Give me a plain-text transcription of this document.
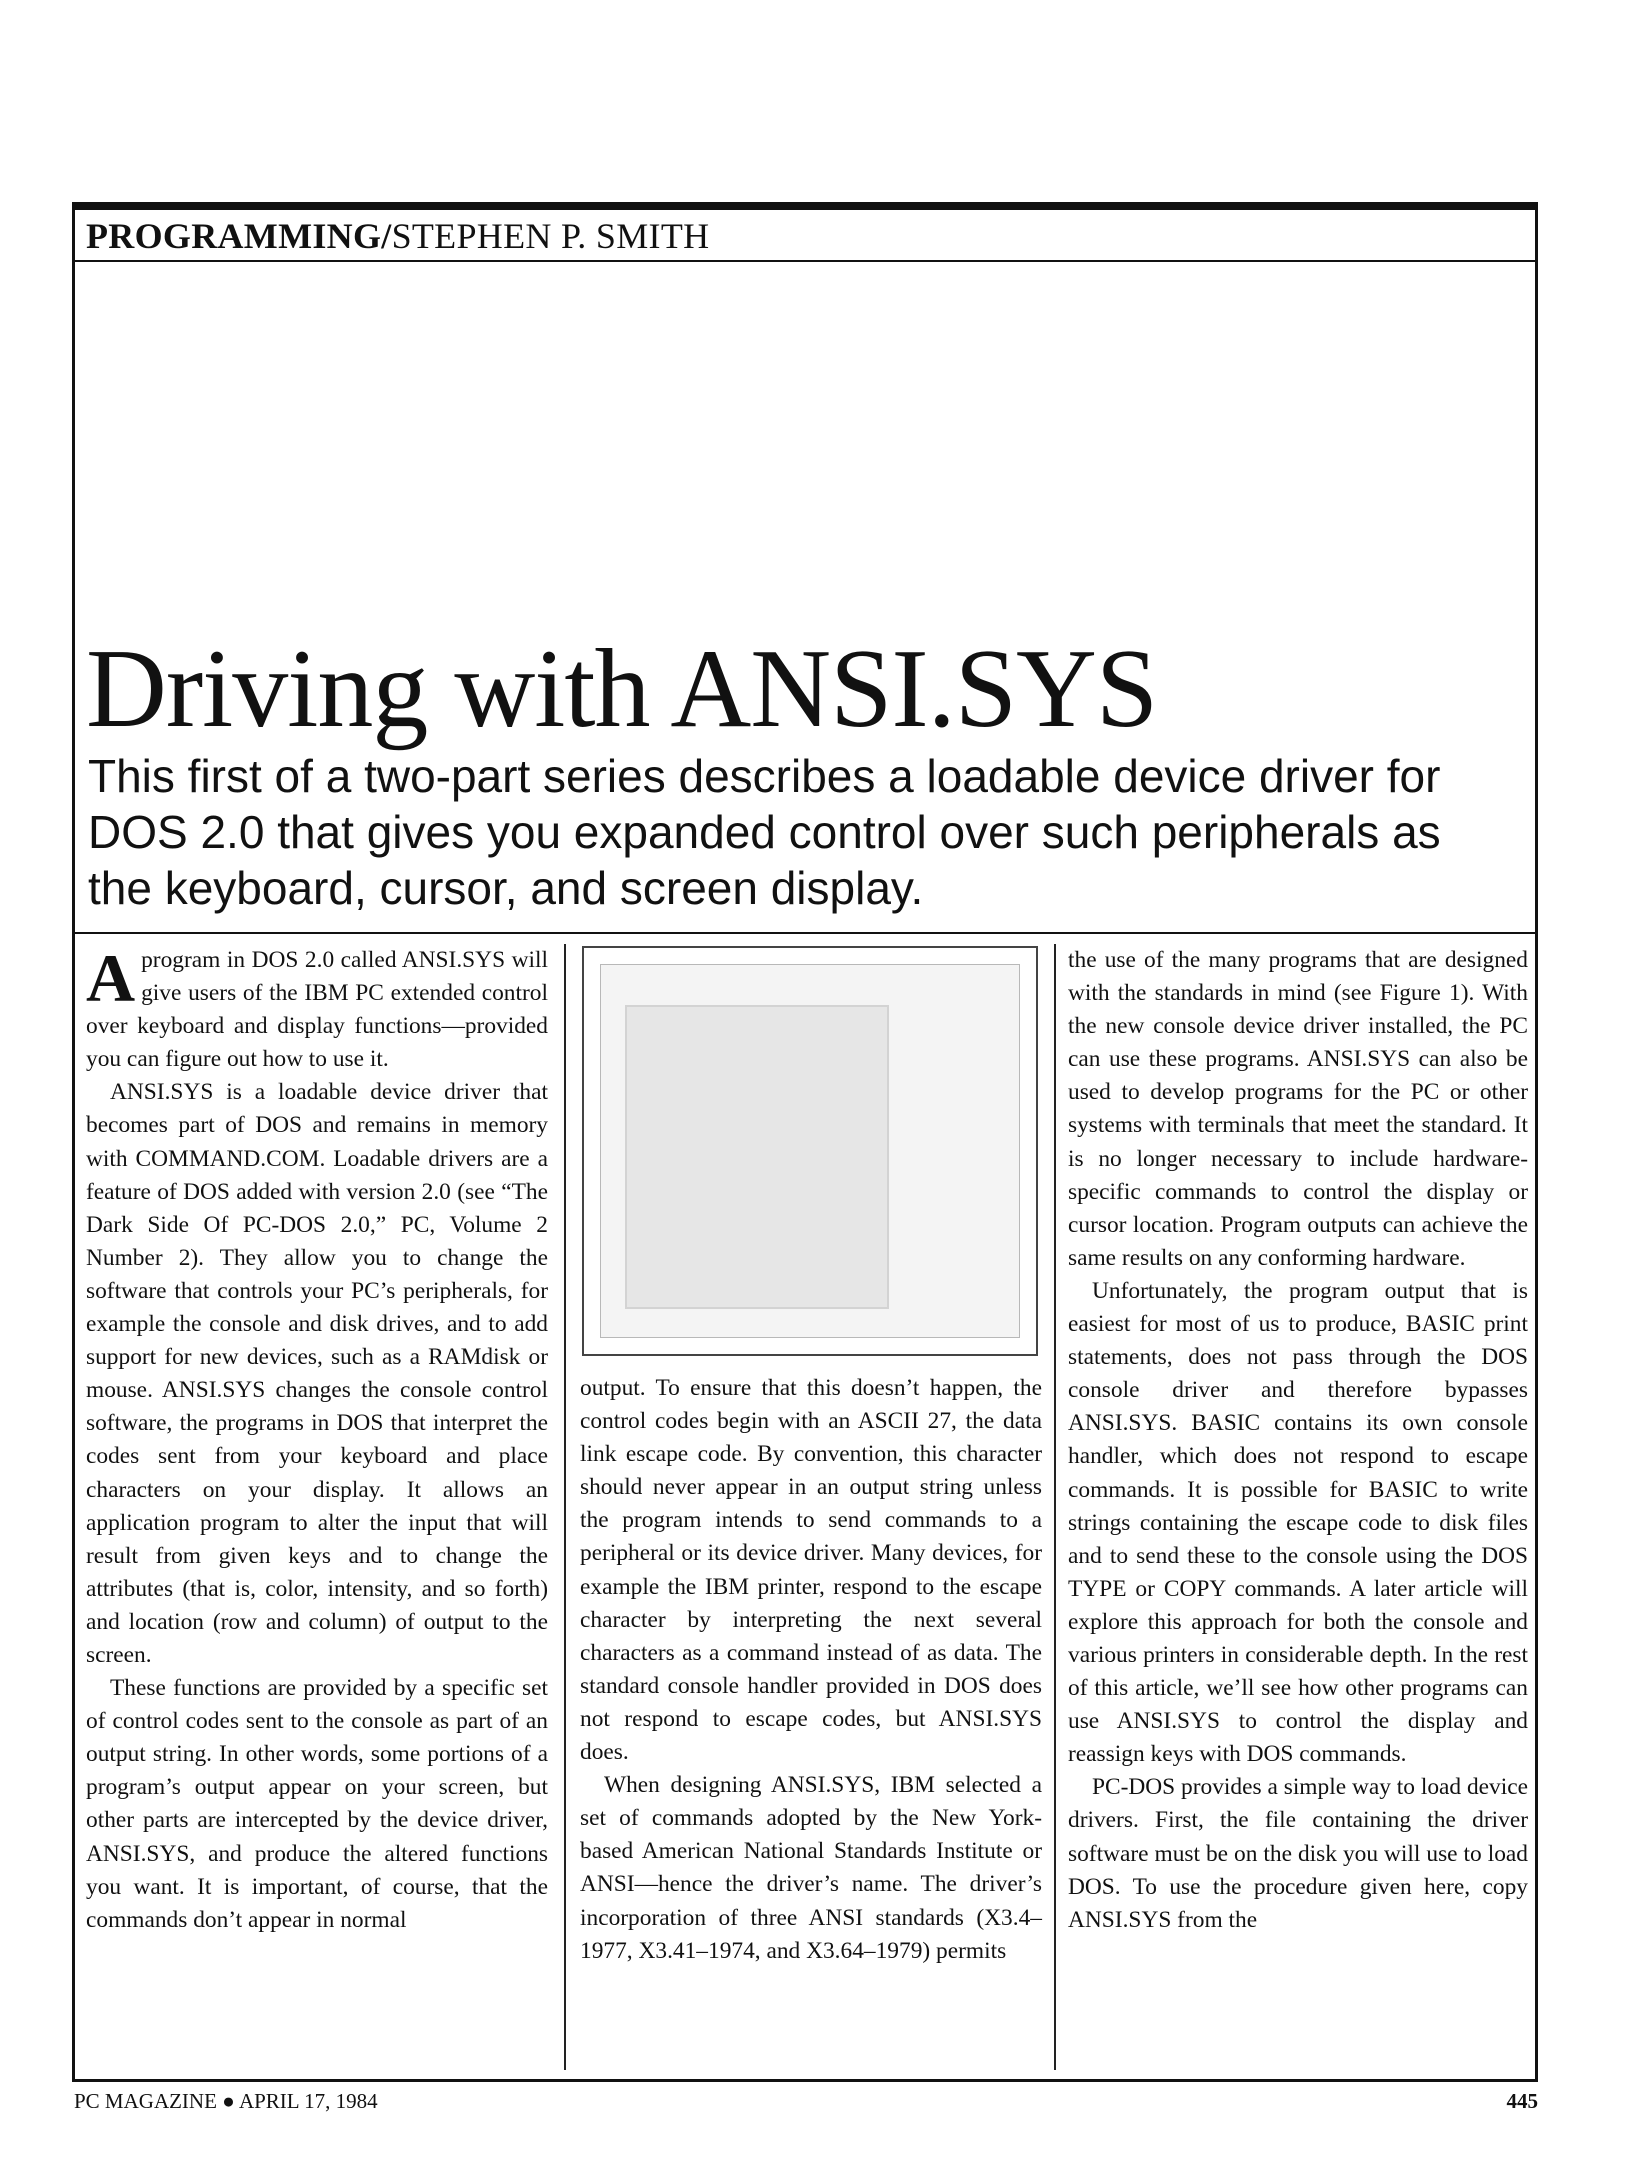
PROGRAMMING/STEPHEN P. SMITH
Driving with ANSI.SYS
This first of a two-part series describes a loadable device driver for DOS 2.0 that gives you expanded control over such peripherals as the keyboard, cursor, and screen display.

Aprogram in DOS 2.0 called ANSI.SYS will give users of the IBM PC extended control over keyboard and display functions—provided you can figure out how to use it.

ANSI.SYS is a loadable device driver that becomes part of DOS and remains in memory with COMMAND.COM. Loadable drivers are a feature of DOS added with version 2.0 (see “The Dark Side Of PC-DOS 2.0,” PC, Volume 2 Number 2). They allow you to change the software that controls your PC’s peripherals, for example the console and disk drives, and to add support for new devices, such as a RAMdisk or mouse. ANSI.SYS changes the console control software, the programs in DOS that interpret the codes sent from your keyboard and place characters on your display. It allows an application program to alter the input that will result from given keys and to change the attributes (that is, color, intensity, and so forth) and location (row and column) of output to the screen.

These functions are provided by a specific set of control codes sent to the console as part of an output string. In other words, some portions of a program’s output appear on your screen, but other parts are intercepted by the device driver, ANSI.SYS, and produce the altered functions you want. It is important, of course, that the commands don’t appear in normal

output. To ensure that this doesn’t happen, the control codes begin with an ASCII 27, the data link escape code. By convention, this character should never appear in an output string unless the program intends to send commands to a peripheral or its device driver. Many devices, for example the IBM printer, respond to the escape character by interpreting the next several characters as a command instead of as data. The standard console handler provided in DOS does not respond to escape codes, but ANSI.SYS does.

When designing ANSI.SYS, IBM selected a set of commands adopted by the New York-based American National Standards Institute or ANSI—hence the driver’s name. The driver’s incorporation of three ANSI standards (X3.4–1977, X3.41–1974, and X3.64–1979) permits

the use of the many programs that are designed with the standards in mind (see Figure 1). With the new console device driver installed, the PC can use these programs. ANSI.SYS can also be used to develop programs for the PC or other systems with terminals that meet the standard. It is no longer necessary to include hardware-specific commands to control the display or cursor location. Program outputs can achieve the same results on any conforming hardware.

Unfortunately, the program output that is easiest for most of us to produce, BASIC print statements, does not pass through the DOS console driver and therefore bypasses ANSI.SYS. BASIC contains its own console handler, which does not respond to escape commands. It is possible for BASIC to write strings containing the escape code to disk files and to send these to the console using the DOS TYPE or COPY commands. A later article will explore this approach for both the console and various printers in considerable depth. In the rest of this article, we’ll see how other programs can use ANSI.SYS to control the display and reassign keys with DOS commands.

PC-DOS provides a simple way to load device drivers. First, the file containing the driver software must be on the disk you will use to load DOS. To use the procedure given here, copy ANSI.SYS from the

PC MAGAZINE ● APRIL 17, 1984	445
